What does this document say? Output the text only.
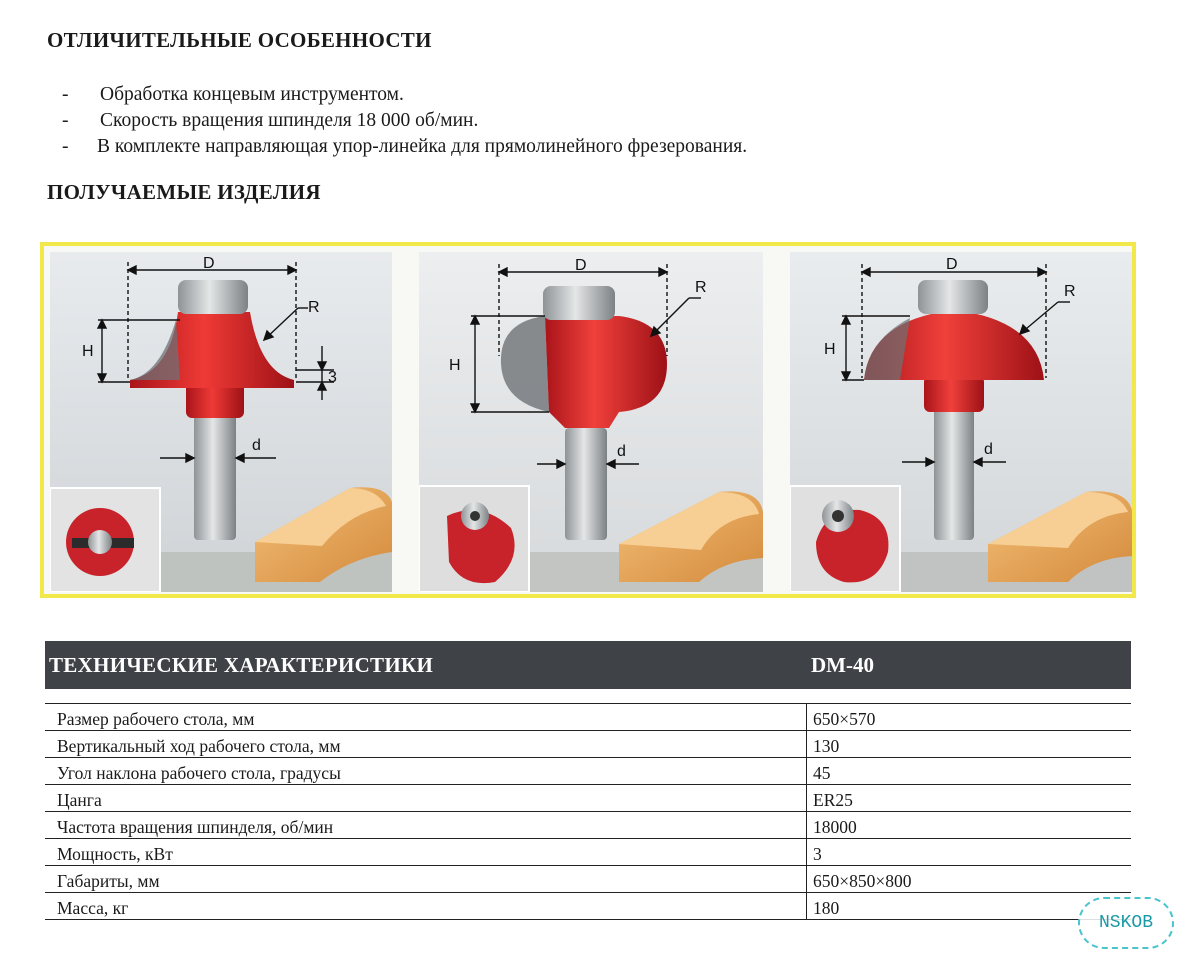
ОТЛИЧИТЕЛЬНЫЕ ОСОБЕННОСТИ
- Обработка концевым инструментом.
- Скорость вращения шпинделя 18 000 об/мин.
- В комплекте направляющая упор-линейка для прямолинейного фрезерования.
ПОЛУЧАЕМЫЕ ИЗДЕЛИЯ
D
R
H
3
d
D
R
H
d
D
R
H
d
ТЕХНИЧЕСКИЕ ХАРАКТЕРИСТИКИ	DM-40
Размер рабочего стола, мм	650×570
Вертикальный ход рабочего стола, мм	130
Угол наклона рабочего стола, градусы	45
Цанга	ER25
Частота вращения шпинделя, об/мин	18000
Мощность, кВт	3
Габариты, мм	650×850×800
Масса, кг	180
NSKOB
